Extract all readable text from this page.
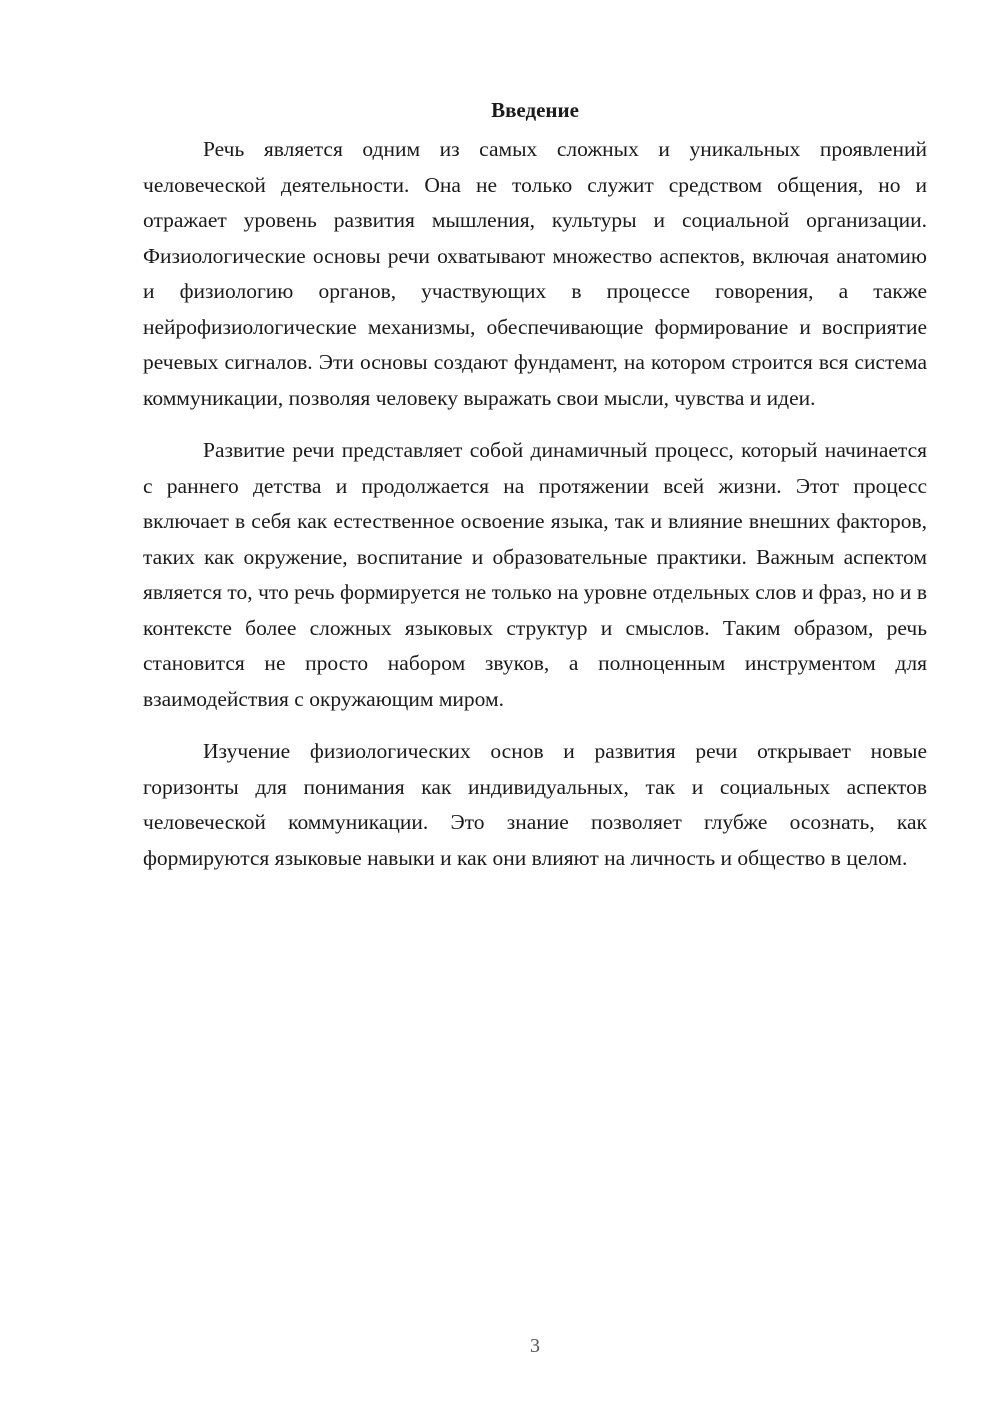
Введение

Речь является одним из самых сложных и уникальных проявлений человеческой деятельности. Она не только служит средством общения, но и отражает уровень развития мышления, культуры и социальной организации. Физиологические основы речи охватывают множество аспектов, включая анатомию и физиологию органов, участвующих в процессе говорения, а также нейрофизиологические механизмы, обеспечивающие формирование и восприятие речевых сигналов. Эти основы создают фундамент, на котором строится вся система коммуникации, позволяя человеку выражать свои мысли, чувства и идеи.

Развитие речи представляет собой динамичный процесс, который начинается с раннего детства и продолжается на протяжении всей жизни. Этот процесс включает в себя как естественное освоение языка, так и влияние внешних факторов, таких как окружение, воспитание и образовательные практики. Важным аспектом является то, что речь формируется не только на уровне отдельных слов и фраз, но и в контексте более сложных языковых структур и смыслов. Таким образом, речь становится не просто набором звуков, а полноценным инструментом для взаимодействия с окружающим миром.

Изучение физиологических основ и развития речи открывает новые горизонты для понимания как индивидуальных, так и социальных аспектов человеческой коммуникации. Это знание позволяет глубже осознать, как формируются языковые навыки и как они влияют на личность и общество в целом.

3
